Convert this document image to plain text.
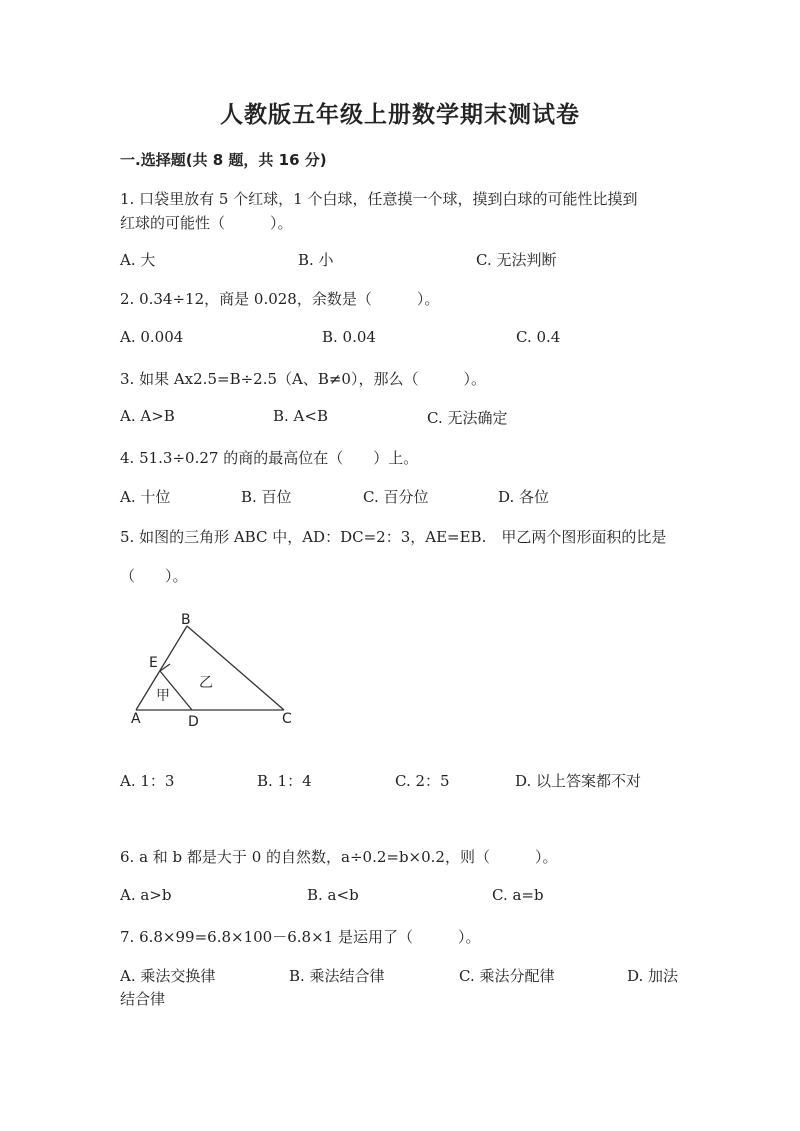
人教版五年级上册数学期末测试卷
一.选择题(共 8 题，共 16 分)
1. 口袋里放有 5 个红球，1 个白球，任意摸一个球，摸到白球的可能性比摸到
红球的可能性（　　　）。
A. 大	B. 小	C. 无法判断
2. 0.34÷12，商是 0.028，余数是（　　　）。
A. 0.004	B. 0.04	C. 0.4
3. 如果 Ax2.5=B÷2.5（A、B≠0），那么（　　　）。
A. A>B	B. A<B	C. 无法确定
4. 51.3÷0.27 的商的最高位在（　　）上。
A. 十位	B. 百位	C. 百分位	D. 各位
5. 如图的三角形 ABC 中，AD：DC=2：3，AE=EB.　甲乙两个图形面积的比是
（　　）。
B
E
A	D	C
甲
乙
A. 1：3	B. 1：4	C. 2：5	D. 以上答案都不对
6. a 和 b 都是大于 0 的自然数，a÷0.2=b×0.2，则（　　　）。
A. a>b	B. a<b	C. a=b
7. 6.8×99=6.8×100－6.8×1 是运用了（　　　）。
A. 乘法交换律	B. 乘法结合律	C. 乘法分配律	D. 加法
结合律
